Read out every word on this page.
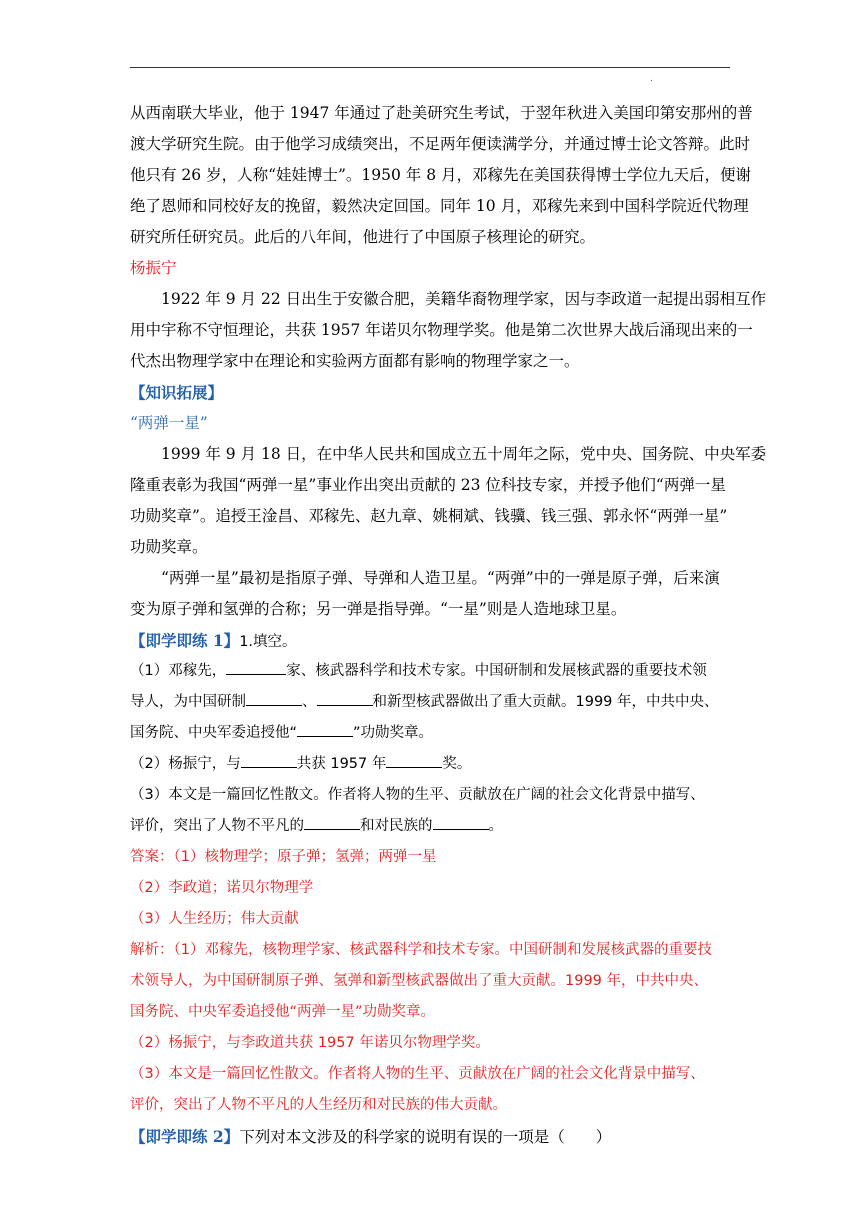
.
从西南联大毕业，他于 1947 年通过了赴美研究生考试，于翌年秋进入美国印第安那州的普
渡大学研究生院。由于他学习成绩突出，不足两年便读满学分，并通过博士论文答辩。此时
他只有 26 岁，人称“娃娃博士”。1950 年 8 月，邓稼先在美国获得博士学位九天后，便谢
绝了恩师和同校好友的挽留，毅然决定回国。同年 10 月，邓稼先来到中国科学院近代物理
研究所任研究员。此后的八年间，他进行了中国原子核理论的研究。
杨振宁
1922 年 9 月 22 日出生于安徽合肥，美籍华裔物理学家，因与李政道一起提出弱相互作
用中宇称不守恒理论，共获 1957 年诺贝尔物理学奖。他是第二次世界大战后涌现出来的一
代杰出物理学家中在理论和实验两方面都有影响的物理学家之一。
【知识拓展】
“两弹一星”
1999 年 9 月 18 日，在中华人民共和国成立五十周年之际，党中央、国务院、中央军委
隆重表彰为我国“两弹一星”事业作出突出贡献的 23 位科技专家，并授予他们“两弹一星
功勋奖章”。追授王淦昌、邓稼先、赵九章、姚桐斌、钱骥、钱三强、郭永怀“两弹一星”
功勋奖章。
“两弹一星”最初是指原子弹、导弹和人造卫星。“两弹”中的一弹是原子弹，后来演
变为原子弹和氢弹的合称；另一弹是指导弹。“一星”则是人造地球卫星。
【即学即练 1】1.填空。
（1）邓稼先，	家、核武器科学和技术专家。中国研制和发展核武器的重要技术领
导人，为中国研制	、	和新型核武器做出了重大贡献。1999 年，中共中央、
国务院、中央军委追授他“	”功勋奖章。
（2）杨振宁，与	共获 1957 年	奖。
（3）本文是一篇回忆性散文。作者将人物的生平、贡献放在广阔的社会文化背景中描写、
评价，突出了人物不平凡的	和对民族的	。
答案：（1）核物理学；原子弹；氢弹；两弹一星
（2）李政道；诺贝尔物理学
（3）人生经历；伟大贡献
解析：（1）邓稼先，核物理学家、核武器科学和技术专家。中国研制和发展核武器的重要技
术领导人，为中国研制原子弹、氢弹和新型核武器做出了重大贡献。1999 年，中共中央、
国务院、中央军委追授他“两弹一星”功勋奖章。
（2）杨振宁，与李政道共获 1957 年诺贝尔物理学奖。
（3）本文是一篇回忆性散文。作者将人物的生平、贡献放在广阔的社会文化背景中描写、
评价，突出了人物不平凡的人生经历和对民族的伟大贡献。
【即学即练 2】下列对本文涉及的科学家的说明有误的一项是（　　）
